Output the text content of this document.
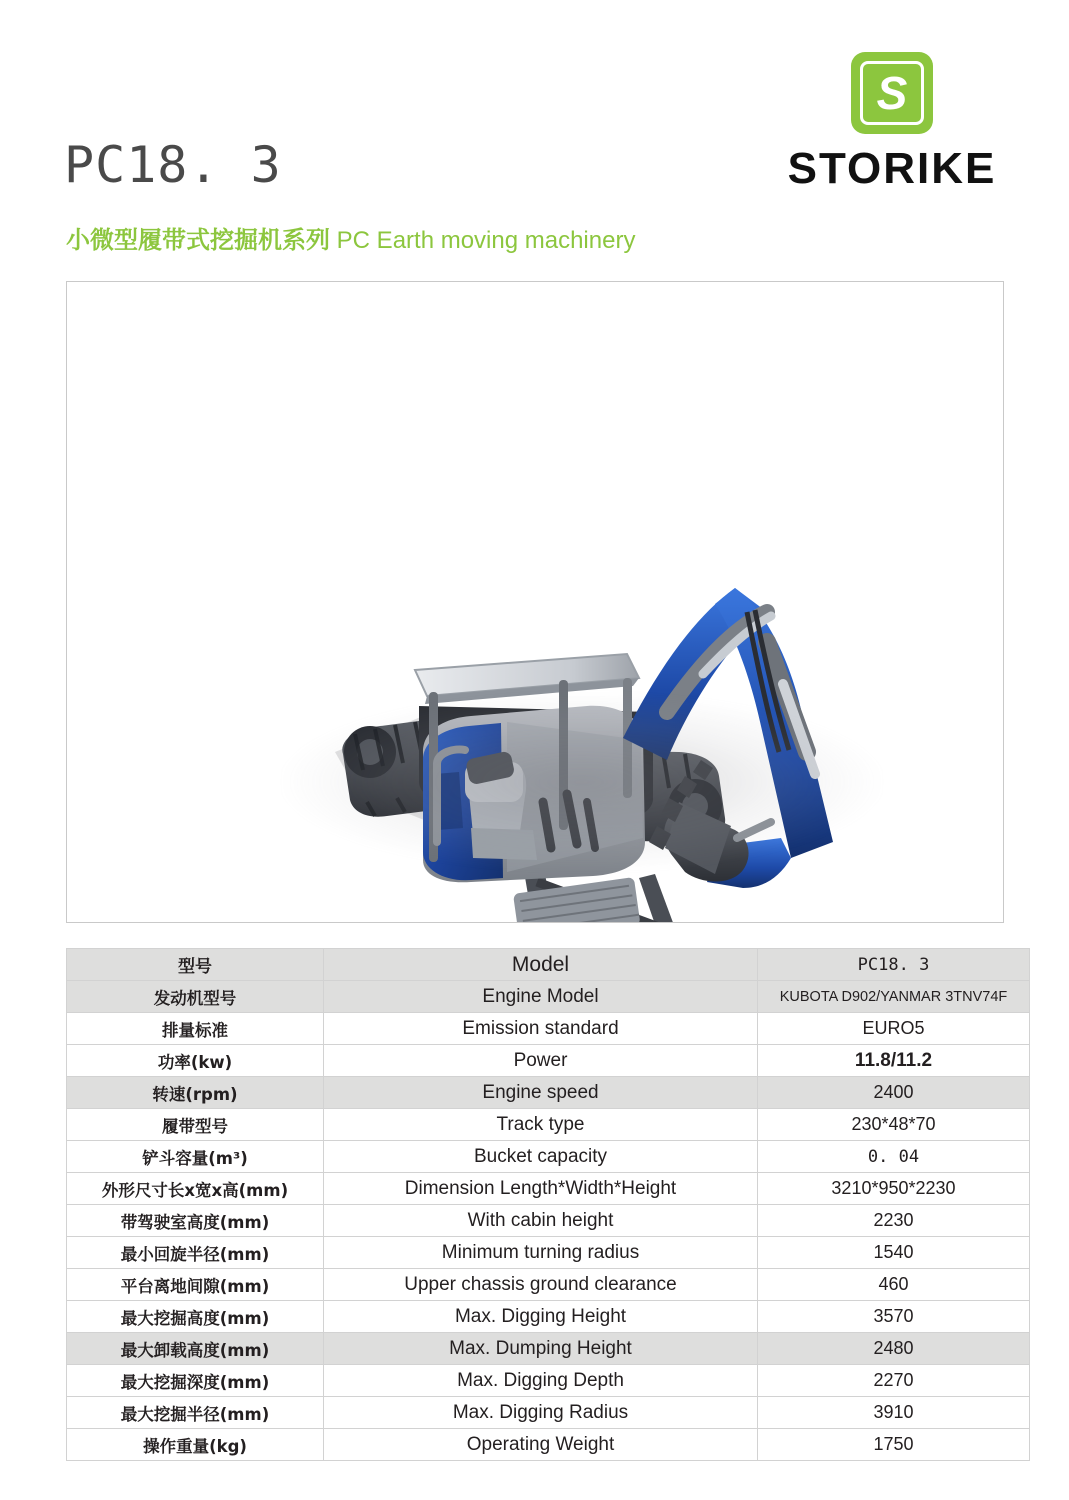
S
STORIKE
PC18. 3
小微型履带式挖掘机系列 PC Earth moving machinery
型号	Model	PC18. 3
发动机型号	Engine Model	KUBOTA D902/YANMAR 3TNV74F
排量标准	Emission standard	EURO5
功率(kw)	Power	11.8/11.2
转速(rpm)	Engine speed	2400
履带型号	Track type	230*48*70
铲斗容量(m³)	Bucket capacity	0. 04
外形尺寸长x宽x高(mm)	Dimension Length*Width*Height	3210*950*2230
带驾驶室高度(mm)	With cabin height	2230
最小回旋半径(mm)	Minimum turning radius	1540
平台离地间隙(mm)	Upper chassis ground clearance	460
最大挖掘高度(mm)	Max. Digging Height	3570
最大卸载高度(mm)	Max. Dumping Height	2480
最大挖掘深度(mm)	Max. Digging Depth	2270
最大挖掘半径(mm)	Max. Digging Radius	3910
操作重量(kg)	Operating Weight	1750
